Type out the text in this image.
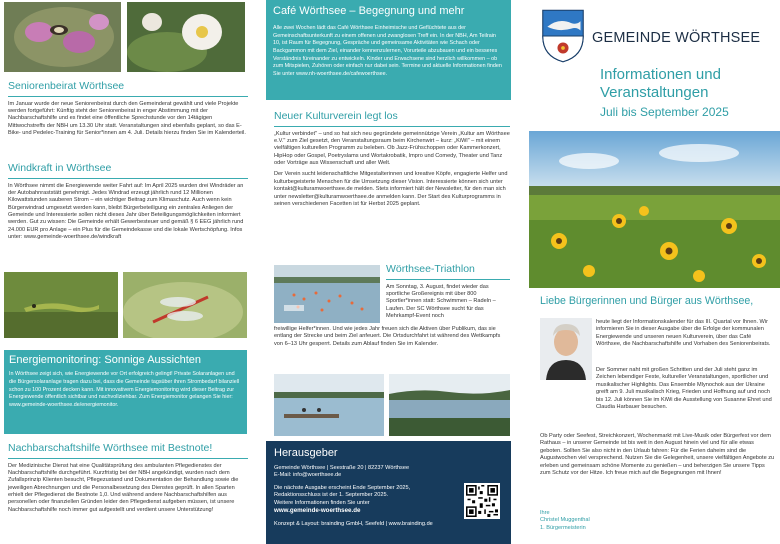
Seniorenbeirat Wörthsee
Im Januar wurde der neue Seniorenbeirat durch den Gemeinderat gewählt und viele Projekte werden fortgeführt: Künftig steht der Seniorenbeirat in enger Abstimmung mit der Nachbarschaftshilfe und es findet eine öffentliche Sprechstunde vor den 14tägigen Mittwochstreffs der NBH um 13.30 Uhr statt. Veranstaltungen sind ebenfalls geplant, so das E-Bike- und Pedelec-Training für Senior*innen am 4. Juli. Details hierzu finden Sie im Kalenderteil.
Windkraft in Wörthsee
In Wörthsee nimmt die Energiewende weiter Fahrt auf: Im April 2025 wurden drei Windräder an der Autobahnraststätt genehmigt. Jedes Windrad erzeugt jährlich rund 12 Millionen Kilowattstunden sauberen Strom – ein wichtiger Beitrag zum Klimaschutz. Auch wenn kein Bürgerwindrad umgesetzt werden kann, bleibt Bürgerbeteiligung ein zentrales Anliegen der Gemeinde und Interessierte sollen nicht dieses Jahr über Beteiligungsmöglichkeiten informiert werden. Gut zu wissen: Die Gemeinde erhält Gewerbesteuer und gemäß § 6 EEG jährlich rund 24.000 EUR pro Anlage – ein Plus für die Gemeindekasse und die lokale Wertschöpfung. Infos unter: www.gemeinde-woerthsee.de/windkraft
Energiemonitoring: Sonnige Aussichten
In Wörthsee zeigt sich, wie Energiewende vor Ort erfolgreich gelingt! Private Solaranlagen und die Bürgersolaranlage tragen dazu bei, dass die Gemeinde tagsüber ihren Strombedarf bilanziell schon zu 100 Prozent decken kann. Mit innovativem Energiemonitoring wird dieser Beitrag zur Energiewende öffentlich sichtbar und nachvollziehbar. Zum Energiemonitor gelangen Sie hier: www.gemeinde-woerthsee.de/energiemonitor.
Nachbarschaftshilfe Wörthsee mit Bestnote!
Der Medizinische Dienst hat eine Qualitätsprüfung des ambulanten Pflegedienstes der Nachbarschaftshilfe durchgeführt. Kurzfristig bei der NBH angekündigt, wurden nach dem Zufallsprinzip Klienten besucht, Pflegezustand und Dokumentation der Behandlung sowie die jeweiligen Abrechnungen und die Personalbesetzung des Dienstes geprüft. In allen Sparten erhielt der Pflegedienst die Bestnote 1,0. Und während andere Nachbarschaftshilfen aus personellen oder finanziellen Gründen leider den Pflegedienst aufgeben müssen, ist unsere Nachbarschaftshilfe noch immer gut aufgestellt und verdient unsere Unterstützung!
Café Wörthsee – Begegnung und mehr
Alle zwei Wochen lädt das Café Wörthsee Einheimische und Geflüchtete aus der Gemeinschaftsunterkunft zu einem offenen und zwanglosen Treff ein. In der NBH, Am Teilrain 10, ist Raum für Begegnung, Gespräche und gemeinsame Aktivitäten wie Schach oder Backgammon mit dem Ziel, einander kennenzulernen, Vorurteile abzubauen und ein besseres Verständnis füreinander zu entwickeln. Kinder und Erwachsene sind herzlich willkommen – ob zum Mitspielen, Zuhören oder einfach nur dabei sein. Termine und aktuelle Informationen finden Sie unter www.nh-woerthsee.de/cafewoerthsee.
Neuer Kulturverein legt los
„Kultur verbindet" – und so hat sich neu gegründete gemeinnützige Verein „Kultur am Wörthsee e.V." zum Ziel gesetzt, den Veranstaltungsraum beim Kirchenwirt – kurz: „KiWi" – mit einem vielfältigen kulturellen Programm zu beleben. Ob Jazz-Frühschoppen oder Kammerkonzert, HipHop oder Gospel, Poetryslams und Wortakrobatik, Impro und Comedy, Theater und Tanz oder Vorträge aus Wissenschaft und aller Welt.
Der Verein sucht leidenschaftliche Mitgestalterinnen und kreative Köpfe, engagierte Helfer und kulturbegeisterte Menschen für die Umsetzung dieser Vision. Interessierte können sich unter kontakt@kulturamwoerthsee.de melden. Stets informiert hält der Newsletter, für den man sich unter newsletter@kulturamwoerthsee.de anmelden kann. Der Start des Kulturprogramms in seinen verschiedenen Facetten ist für Herbst 2025 geplant.
Wörthsee-Triathlon
Am Sonntag, 3. August, findet wieder das sportliche Großereignis mit über 800 Sportler*innen statt: Schwimmen – Radeln – Laufen. Der SC Wörthsee sucht für das Mehrkampf-Event noch
freiwillige Helfer*innen. Und wie jedes Jahr freuen sich die Aktiven über Publikum, das sie entlang der Strecke und beim Ziel anfeuert. Die Ortsdurchfahrt ist während des Wettkampfs von 6–13 Uhr gesperrt. Details zum Ablauf finden Sie im Kalender.
Herausgeber
Gemeinde Wörthsee | Seestraße 20 | 82237 Wörthsee
E-Mail: info@woerthsee.de
Die nächste Ausgabe erscheint Ende September 2025, Redaktionsschluss ist der 1. September 2025.
Weitere Informationen finden Sie unter
www.gemeinde-woerthsee.de
Konzept & Layout: brainding GmbH, Seefeld | www.brainding.de
GEMEINDE WÖRTHSEE
Informationen und
Veranstaltungen
Juli bis September 2025
Liebe Bürgerinnen und Bürger aus Wörthsee,
heute liegt der Informationskalender für das III. Quartal vor Ihnen. Wir informieren Sie in dieser Ausgabe über die Erfolge der kommunalen Energiewende und unseren neuen Kulturverein, über das Café Wörthsee, die Nachbarschaftshilfe und Vorhaben des Seniorenbeirats.
Der Sommer naht mit großen Schritten und der Juli steht ganz im Zeichen lebendiger Feste, kultureller Veranstaltungen, sportlicher und musikalischer Highlights. Das Ensemble Mlynochok aus der Ukraine greift am 9. Juli musikalisch Krieg, Frieden und Hoffnung auf und noch bis 12. Juli können Sie im KiWi die Ausstellung von Susanne Ehret und Claudia Harbauer besuchen.
Ob Party oder Seefest, Streichkonzert, Wochenmarkt mit Live-Musik oder Bürgerfest vor dem Rathaus – in unserer Gemeinde ist bis weit in den August hinein viel und für alle etwas geboten. Sollten Sie also nicht in den Urlaub fahren: Für die Ferien daheim sind die Augustwochen viel versprechend. Nutzen Sie die Gelegenheit, unsere vielfältigen Angebote zu erleben und gemeinsam schöne Momente zu genießen – und beherzigen Sie unsere Tipps zum Schutz vor der Hitze. Ich freue mich auf die Begegnungen mit Ihnen!
Ihre
Christel Muggenthal
1. Bürgermeisterin
